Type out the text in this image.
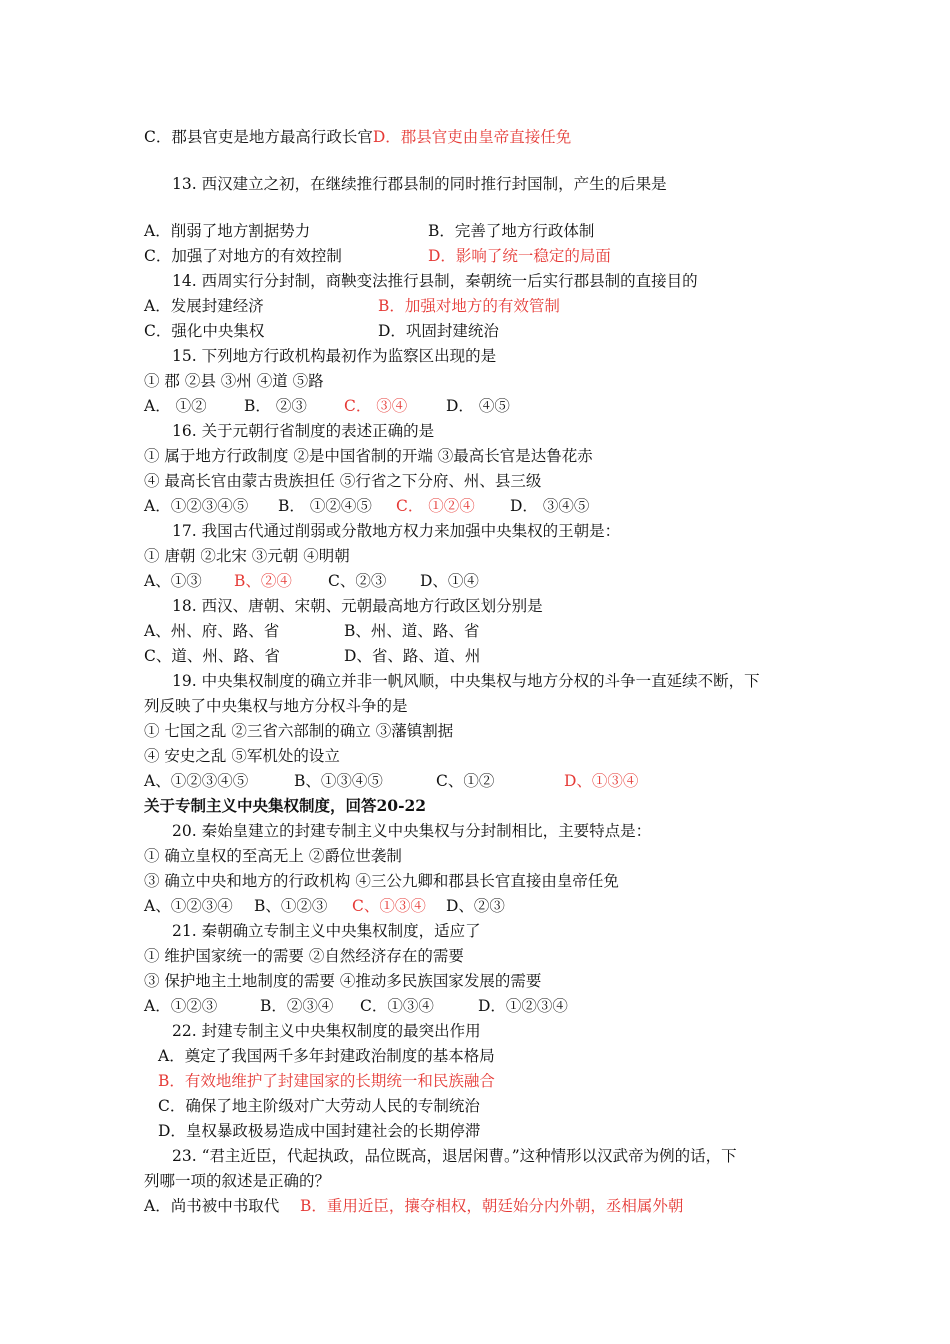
C．郡县官吏是地方最高行政长官D．郡县官吏由皇帝直接任免
13. 西汉建立之初，在继续推行郡县制的同时推行封国制，产生的后果是
A．削弱了地方割据势力	B．完善了地方行政体制
C．加强了对地方的有效控制	D．影响了统一稳定的局面
14. 西周实行分封制，商鞅变法推行县制，秦朝统一后实行郡县制的直接目的
A．发展封建经济	B．加强对地方的有效管制
C．强化中央集权	D．巩固封建统治
15. 下列地方行政机构最初作为监察区出现的是
① 郡 ②县 ③州 ④道 ⑤路
A． ①② B． ②③ C． ③④ D． ④⑤
16. 关于元朝行省制度的表述正确的是
① 属于地方行政制度 ②是中国省制的开端 ③最高长官是达鲁花赤
④ 最高长官由蒙古贵族担任 ⑤行省之下分府、州、县三级
A．①②③④⑤ B． ①②④⑤ C． ①②④ D． ③④⑤
17. 我国古代通过削弱或分散地方权力来加强中央集权的王朝是：
① 唐朝 ②北宋 ③元朝 ④明朝
A、①③ B、②④ C、②③ D、①④
18. 西汉、唐朝、宋朝、元朝最高地方行政区划分别是
A、州、府、路、省	B、州、道、路、省
C、道、州、路、省	D、省、路、道、州
19. 中央集权制度的确立并非一帆风顺，中央集权与地方分权的斗争一直延续不断，下
列反映了中央集权与地方分权斗争的是
① 七国之乱 ②三省六部制的确立 ③藩镇割据
④ 安史之乱 ⑤军机处的设立
A、①②③④⑤	B、①③④⑤	C、①②	D、①③④
关于专制主义中央集权制度，回答20-22
20. 秦始皇建立的封建专制主义中央集权与分封制相比，主要特点是：
① 确立皇权的至高无上 ②爵位世袭制
③ 确立中央和地方的行政机构 ④三公九卿和郡县长官直接由皇帝任免
A、①②③④ B、①②③ C、①③④ D、②③
21. 秦朝确立专制主义中央集权制度，适应了
① 维护国家统一的需要 ②自然经济存在的需要
③ 保护地主土地制度的需要 ④推动多民族国家发展的需要
A．①②③	B．②③④ C．①③④	D．①②③④
22. 封建专制主义中央集权制度的最突出作用
A．奠定了我国两千多年封建政治制度的基本格局
B．有效地维护了封建国家的长期统一和民族融合
C．确保了地主阶级对广大劳动人民的专制统治
D．皇权暴政极易造成中国封建社会的长期停滞
23. “君主近臣，代起执政，品位既高，退居闲曹。”这种情形以汉武帝为例的话，下
列哪一项的叙述是正确的？
A．尚书被中书取代 B．重用近臣，攘夺相权，朝廷始分内外朝，丞相属外朝
